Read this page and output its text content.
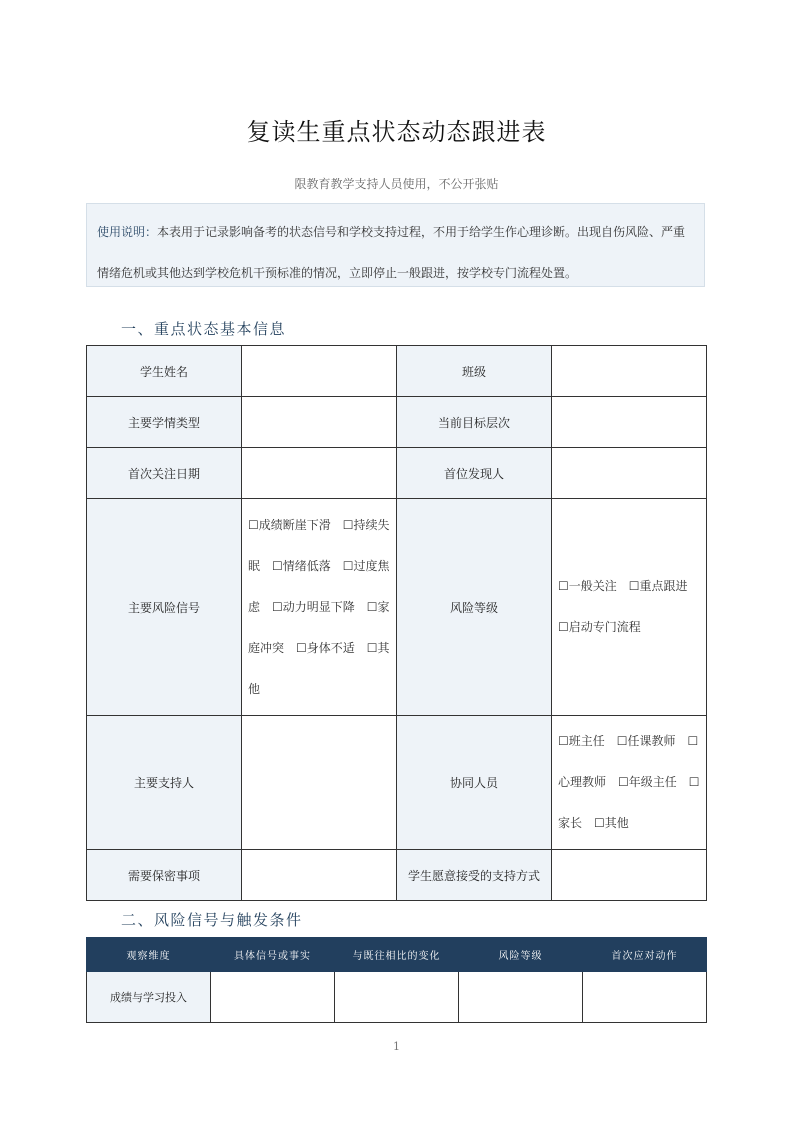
复读生重点状态动态跟进表
限教育教学支持人员使用，不公开张贴
使用说明：本表用于记录影响备考的状态信号和学校支持过程，不用于给学生作心理诊断。出现自伤风险、严重情绪危机或其他达到学校危机干预标准的情况，立即停止一般跟进，按学校专门流程处置。
一、重点状态基本信息
学生姓名		班级	
主要学情类型		当前目标层次	
首次关注日期		首位发现人	
主要风险信号	☐成绩断崖下滑　☐持续失眠　☐情绪低落　☐过度焦虑　☐动力明显下降　☐家庭冲突　☐身体不适　☐其他	风险等级	☐一般关注　☐重点跟进　☐启动专门流程
主要支持人		协同人员	☐班主任　☐任课教师　☐心理教师　☐年级主任　☐家长　☐其他
需要保密事项		学生愿意接受的支持方式	
二、风险信号与触发条件
观察维度	具体信号或事实	与既往相比的变化	风险等级	首次应对动作
成绩与学习投入				
1
